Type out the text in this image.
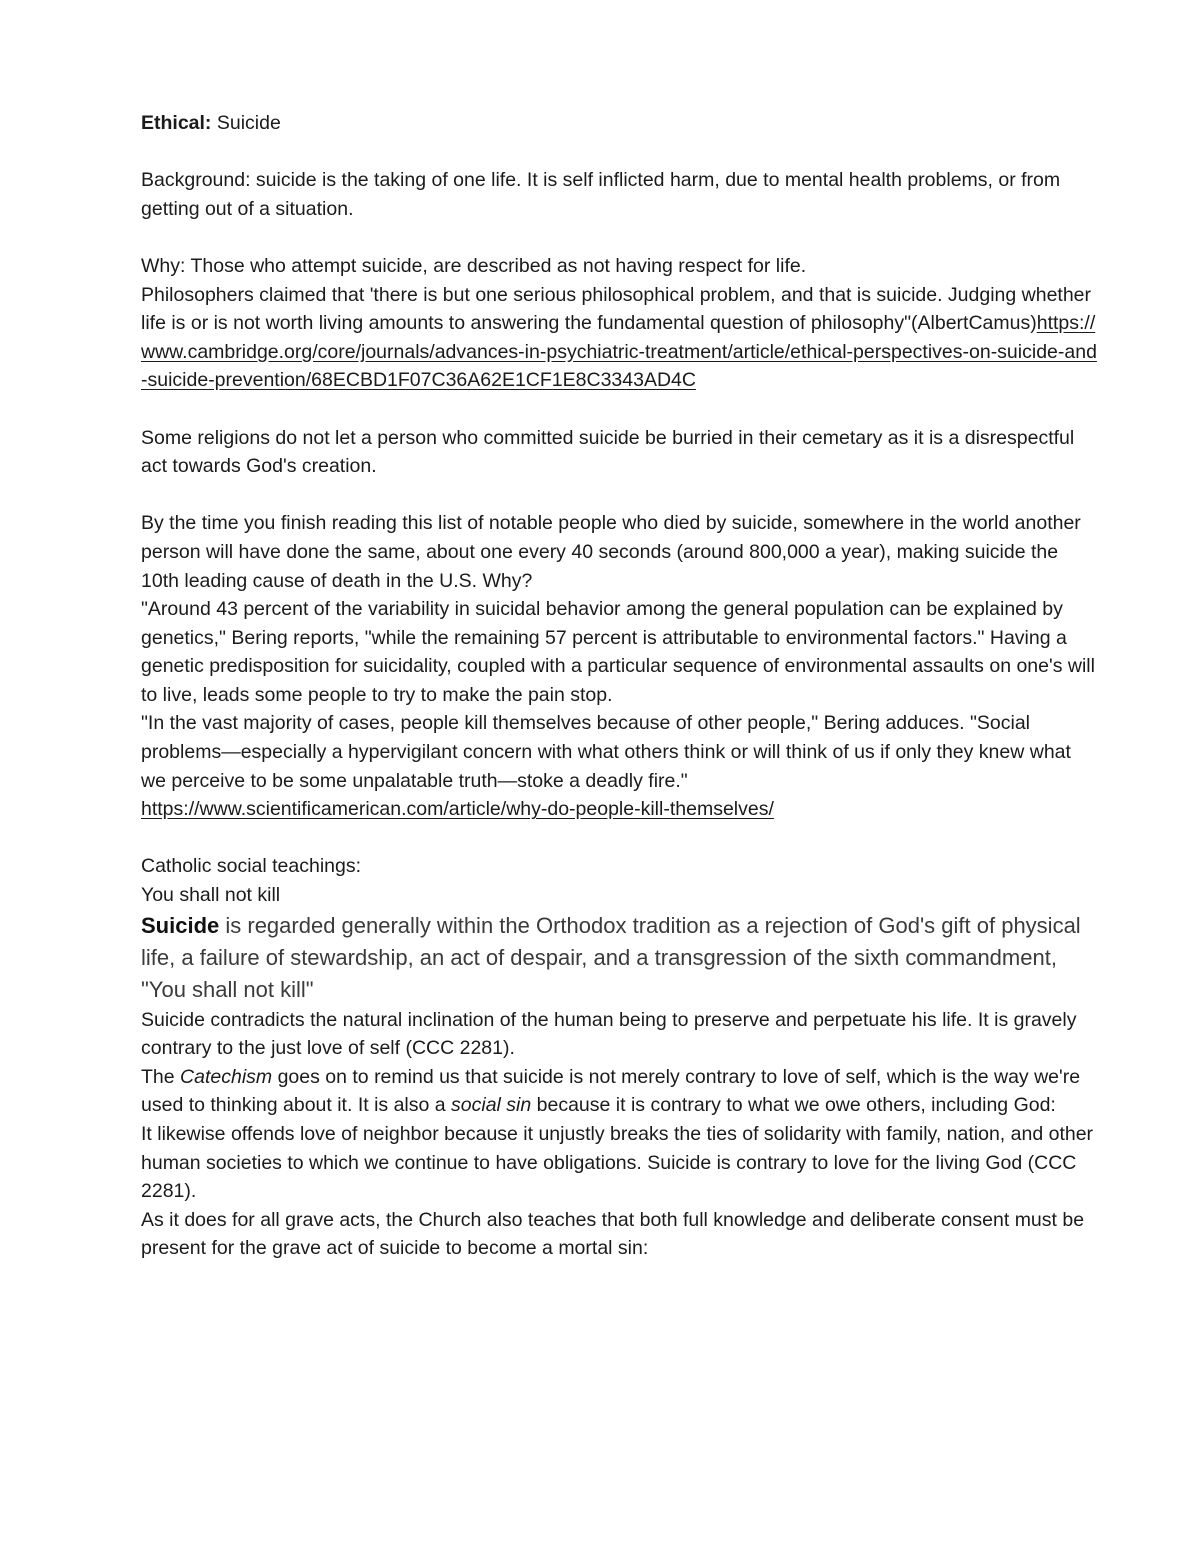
Ethical: Suicide

Background: suicide is the taking of one life. It is self inflicted harm, due to mental health problems, or from getting out of a situation.

Why: Those who attempt suicide, are described as not having respect for life.

Philosophers claimed that 'there is but one serious philosophical problem, and that is suicide. Judging whether life is or is not worth living amounts to answering the fundamental question of philosophy"(AlbertCamus)https://www.cambridge.org/core/journals/advances-in-psychiatric-treatment/article/ethical-perspectives-on-suicide-and-suicide-prevention/68ECBD1F07C36A62E1CF1E8C3343AD4C

Some religions do not let a person who committed suicide be burried in their cemetary as it is a disrespectful act towards God's creation.

By the time you finish reading this list of notable people who died by suicide, somewhere in the world another person will have done the same, about one every 40 seconds (around 800,000 a year), making suicide the 10th leading cause of death in the U.S. Why?

"Around 43 percent of the variability in suicidal behavior among the general population can be explained by genetics," Bering reports, "while the remaining 57 percent is attributable to environmental factors." Having a genetic predisposition for suicidality, coupled with a particular sequence of environmental assaults on one's will to live, leads some people to try to make the pain stop.

"In the vast majority of cases, people kill themselves because of other people," Bering adduces. "Social problems—especially a hypervigilant concern with what others think or will think of us if only they knew what we perceive to be some unpalatable truth—stoke a deadly fire."

https://www.scientificamerican.com/article/why-do-people-kill-themselves/

Catholic social teachings:

You shall not kill

Suicide is regarded generally within the Orthodox tradition as a rejection of God's gift of physical life, a failure of stewardship, an act of despair, and a transgression of the sixth commandment, "You shall not kill"

Suicide contradicts the natural inclination of the human being to preserve and perpetuate his life. It is gravely contrary to the just love of self (CCC 2281).

The Catechism goes on to remind us that suicide is not merely contrary to love of self, which is the way we're used to thinking about it. It is also a social sin because it is contrary to what we owe others, including God:

It likewise offends love of neighbor because it unjustly breaks the ties of solidarity with family, nation, and other human societies to which we continue to have obligations. Suicide is contrary to love for the living God (CCC 2281).

As it does for all grave acts, the Church also teaches that both full knowledge and deliberate consent must be present for the grave act of suicide to become a mortal sin:
